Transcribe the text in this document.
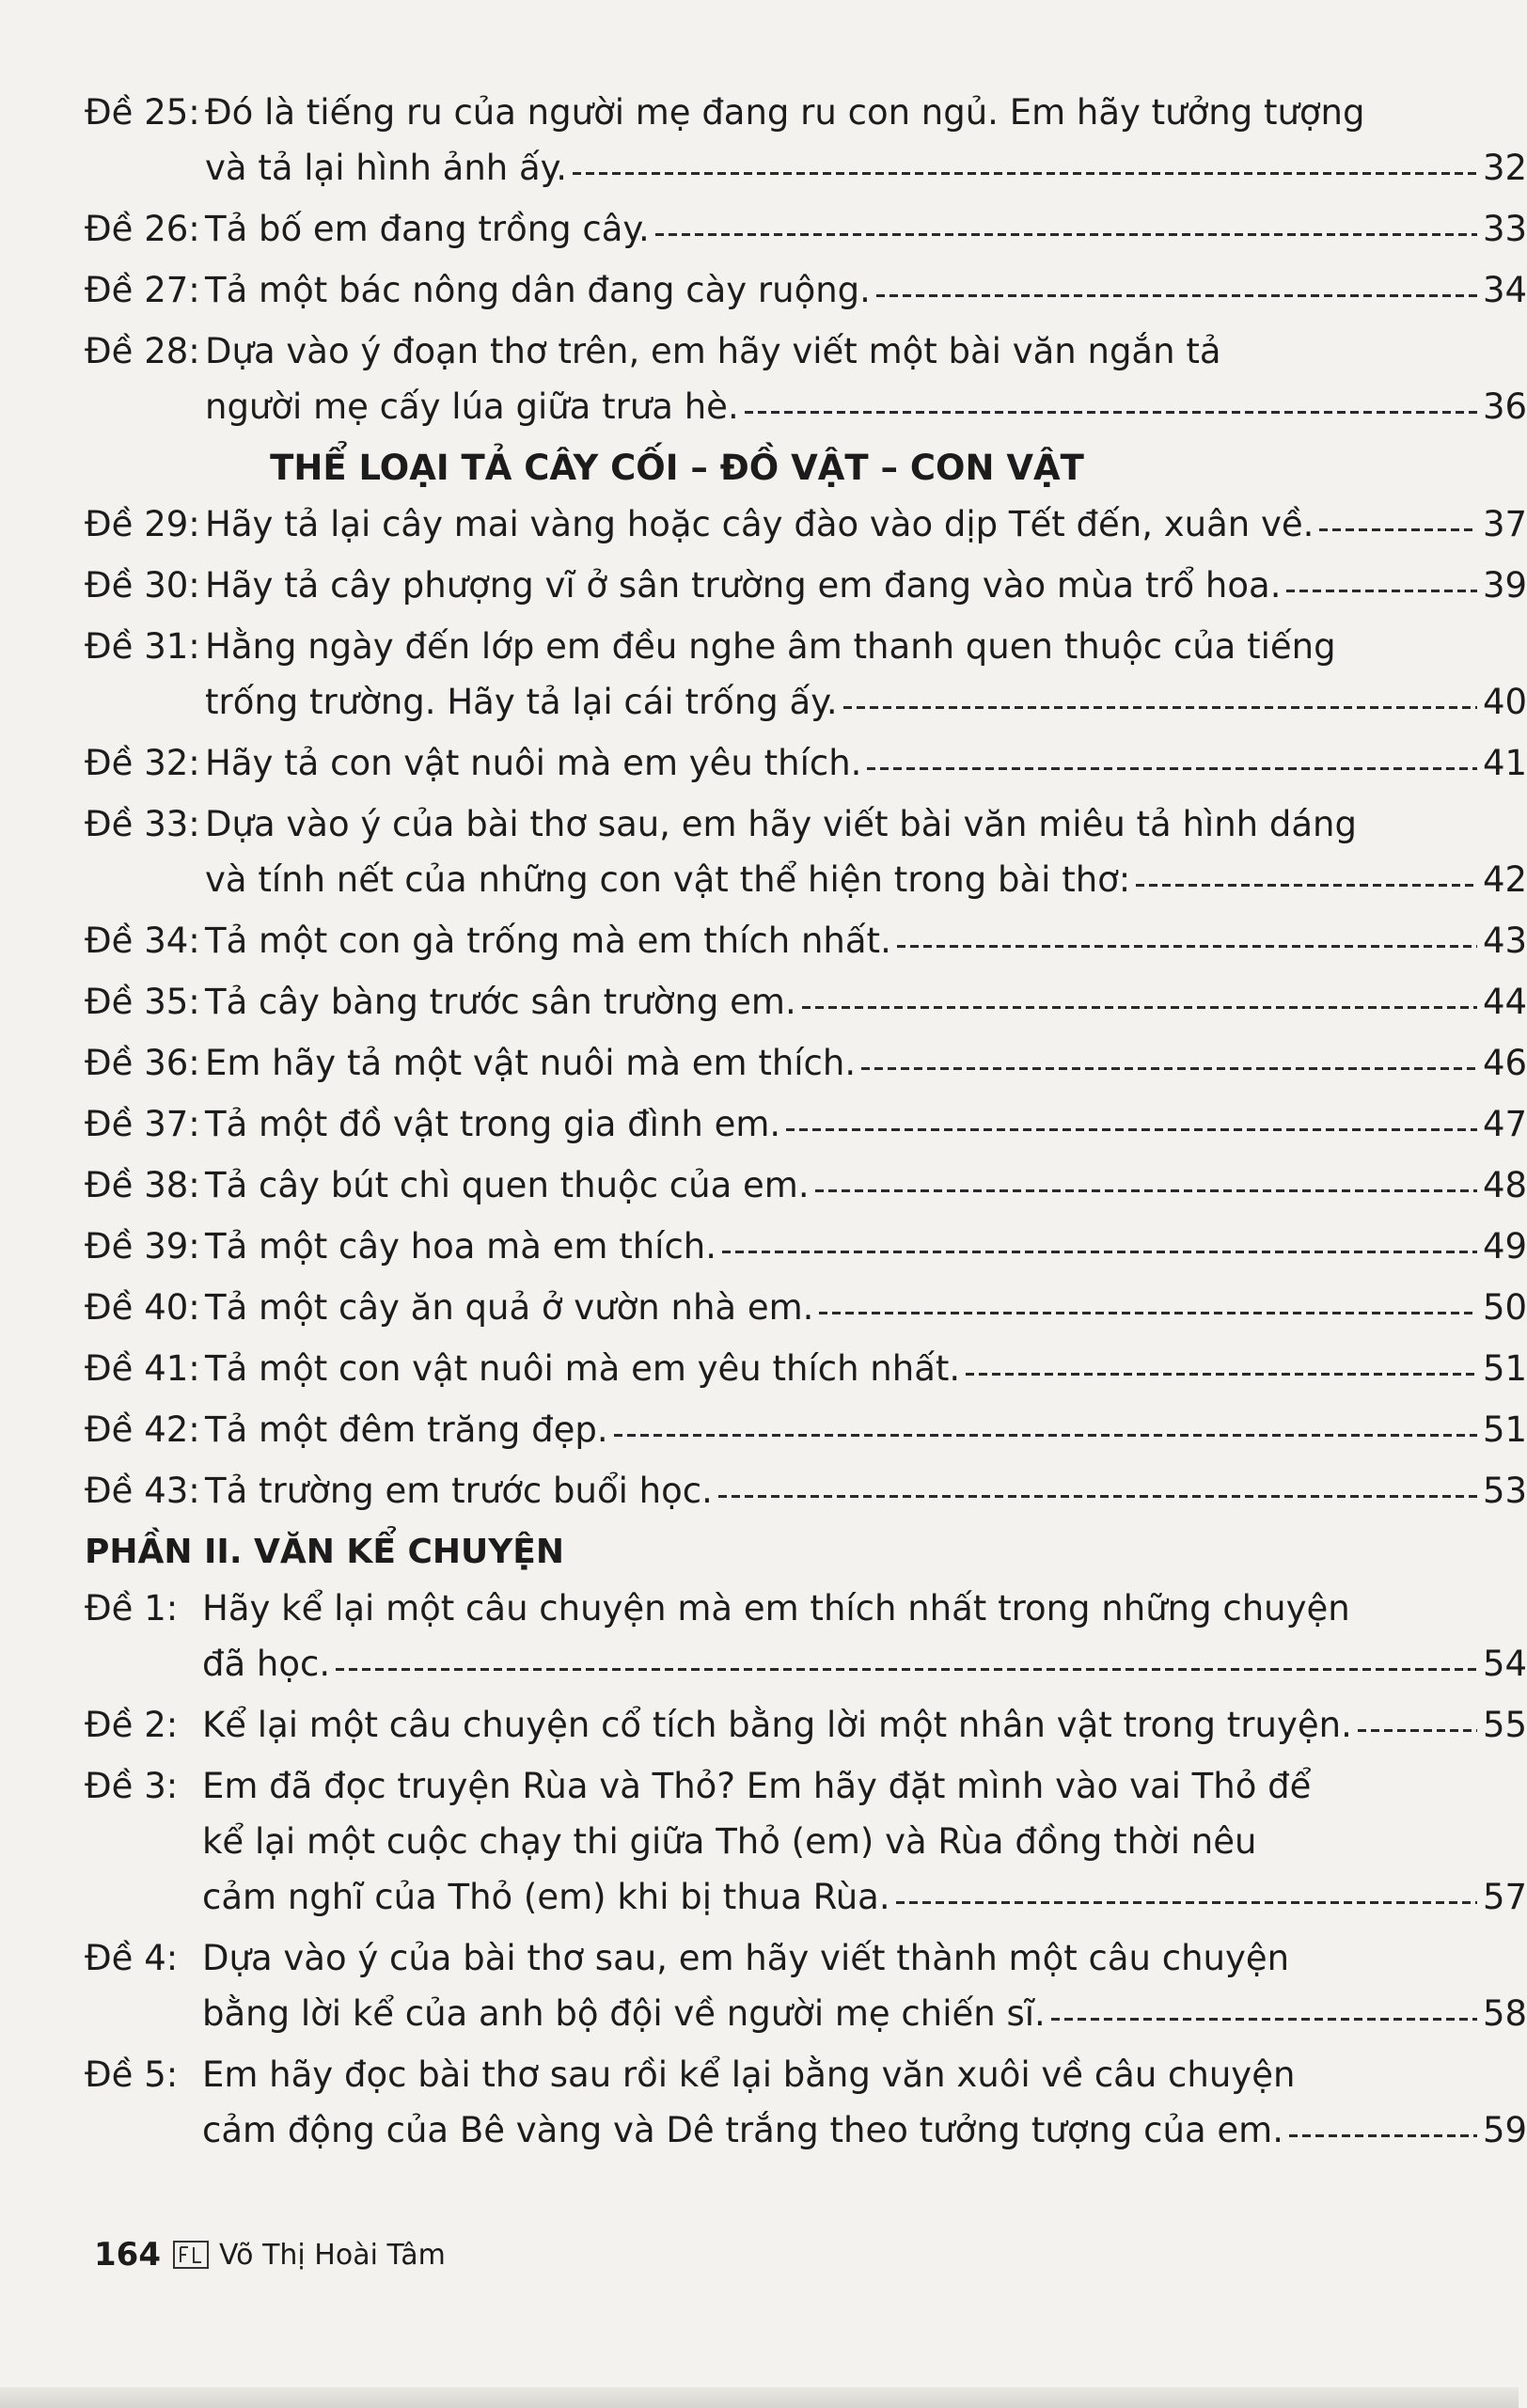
Đề 25: Đó là tiếng ru của người mẹ đang ru con ngủ. Em hãy tưởng tượng
và tả lại hình ảnh ấy.	32
Đề 26: Tả bố em đang trồng cây.	33
Đề 27: Tả một bác nông dân đang cày ruộng.	34
Đề 28: Dựa vào ý đoạn thơ trên, em hãy viết một bài văn ngắn tả
người mẹ cấy lúa giữa trưa hè.	36
THỂ LOẠI TẢ CÂY CỐI – ĐỒ VẬT – CON VẬT
Đề 29: Hãy tả lại cây mai vàng hoặc cây đào vào dịp Tết đến, xuân về.	37
Đề 30: Hãy tả cây phượng vĩ ở sân trường em đang vào mùa trổ hoa.	39
Đề 31: Hằng ngày đến lớp em đều nghe âm thanh quen thuộc của tiếng
trống trường. Hãy tả lại cái trống ấy.	40
Đề 32: Hãy tả con vật nuôi mà em yêu thích.	41
Đề 33: Dựa vào ý của bài thơ sau, em hãy viết bài văn miêu tả hình dáng
và tính nết của những con vật thể hiện trong bài thơ:	42
Đề 34: Tả một con gà trống mà em thích nhất.	43
Đề 35: Tả cây bàng trước sân trường em.	44
Đề 36: Em hãy tả một vật nuôi mà em thích.	46
Đề 37: Tả một đồ vật trong gia đình em.	47
Đề 38: Tả cây bút chì quen thuộc của em.	48
Đề 39: Tả một cây hoa mà em thích.	49
Đề 40: Tả một cây ăn quả ở vườn nhà em.	50
Đề 41: Tả một con vật nuôi mà em yêu thích nhất.	51
Đề 42: Tả một đêm trăng đẹp.	51
Đề 43: Tả trường em trước buổi học.	53
PHẦN II. VĂN KỂ CHUYỆN
Đề 1: Hãy kể lại một câu chuyện mà em thích nhất trong những chuyện
đã học.	54
Đề 2: Kể lại một câu chuyện cổ tích bằng lời một nhân vật trong truyện.	55
Đề 3: Em đã đọc truyện Rùa và Thỏ? Em hãy đặt mình vào vai Thỏ để
kể lại một cuộc chạy thi giữa Thỏ (em) và Rùa đồng thời nêu
cảm nghĩ của Thỏ (em) khi bị thua Rùa.	57
Đề 4: Dựa vào ý của bài thơ sau, em hãy viết thành một câu chuyện
bằng lời kể của anh bộ đội về người mẹ chiến sĩ.	58
Đề 5: Em hãy đọc bài thơ sau rồi kể lại bằng văn xuôi về câu chuyện
cảm động của Bê vàng và Dê trắng theo tưởng tượng của em.	59
164 Võ Thị Hoài Tâm
